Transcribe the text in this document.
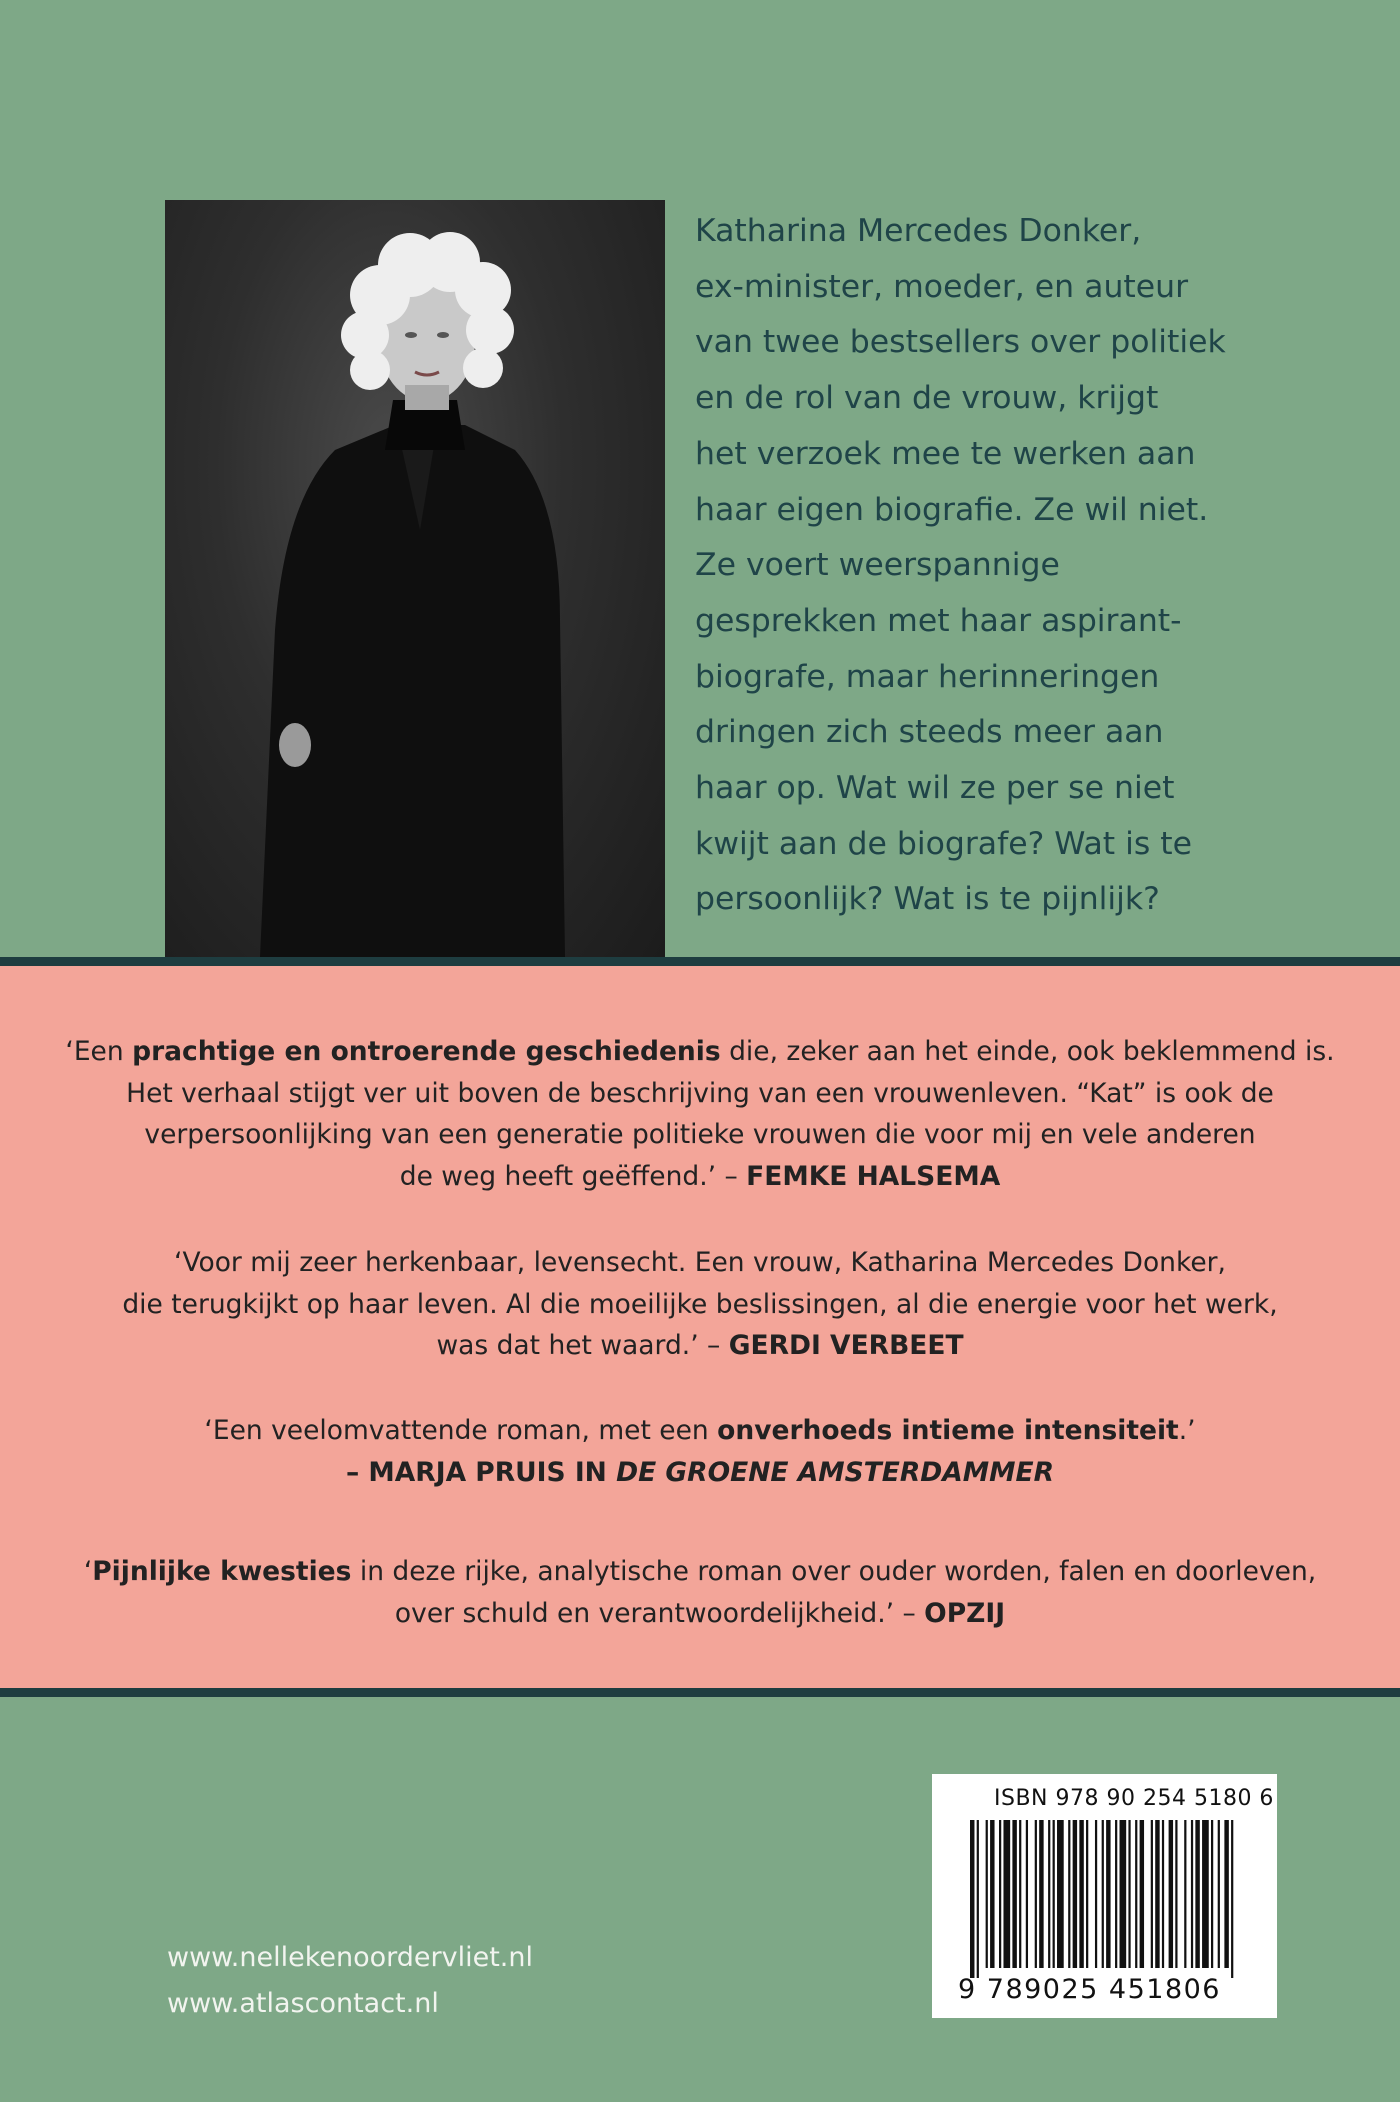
Katharina Mercedes Donker,
ex-minister, moeder, en auteur
van twee bestsellers over politiek
en de rol van de vrouw, krijgt
het verzoek mee te werken aan
haar eigen biografie. Ze wil niet.
Ze voert weerspannige
gesprekken met haar aspirant-
biografe, maar herinneringen
dringen zich steeds meer aan
haar op. Wat wil ze per se niet
kwijt aan de biografe? Wat is te
persoonlijk? Wat is te pijnlijk?

‘Een prachtige en ontroerende geschiedenis die, zeker aan het einde, ook beklemmend is.
Het verhaal stijgt ver uit boven de beschrijving van een vrouwenleven. “Kat” is ook de
verpersoonlijking van een generatie politieke vrouwen die voor mij en vele anderen
de weg heeft geëffend.’ – FEMKE HALSEMA

‘Voor mij zeer herkenbaar, levensecht. Een vrouw, Katharina Mercedes Donker,
die terugkijkt op haar leven. Al die moeilijke beslissingen, al die energie voor het werk,
was dat het waard.’ – GERDI VERBEET

‘Een veelomvattende roman, met een onverhoeds intieme intensiteit.’
– MARJA PRUIS IN DE GROENE AMSTERDAMMER

‘Pijnlijke kwesties in deze rijke, analytische roman over ouder worden, falen en doorleven,
over schuld en verantwoordelijkheid.’ – OPZIJ

www.nellekenoordervliet.nl
www.atlascontact.nl
ISBN 978 90 254 5180 6
9 789025 451806
